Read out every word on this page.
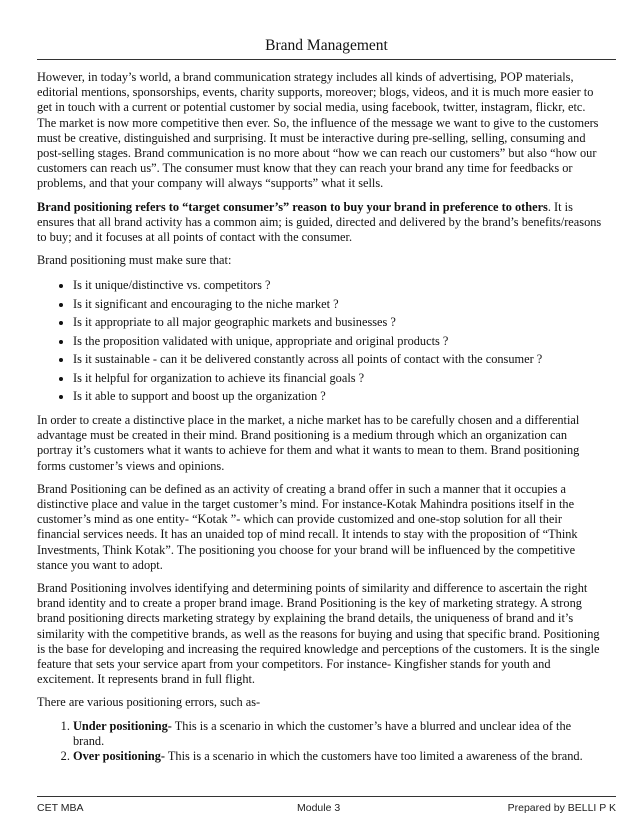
Brand Management

However, in today’s world, a brand communication strategy includes all kinds of advertising, POP materials, editorial mentions, sponsorships, events, charity supports, moreover; blogs, videos, and it is much more easier to get in touch with a current or potential customer by social media, using facebook, twitter, instagram, flickr, etc. The market is now more competitive then ever. So, the influence of the message we want to give to the customers must be creative, distinguished and surprising. It must be interactive during pre-selling, selling, consuming and post-selling stages. Brand communication is no more about “how we can reach our customers” but also “how our customers can reach us”. The consumer must know that they can reach your brand any time for feedbacks or problems, and that your company will always “supports” what it sells.

Brand positioning refers to “target consumer’s” reason to buy your brand in preference to others. It is ensures that all brand activity has a common aim; is guided, directed and delivered by the brand’s benefits/reasons to buy; and it focuses at all points of contact with the consumer.

Brand positioning must make sure that:

• Is it unique/distinctive vs. competitors ?
• Is it significant and encouraging to the niche market ?
• Is it appropriate to all major geographic markets and businesses ?
• Is the proposition validated with unique, appropriate and original products ?
• Is it sustainable - can it be delivered constantly across all points of contact with the consumer ?
• Is it helpful for organization to achieve its financial goals ?
• Is it able to support and boost up the organization ?

In order to create a distinctive place in the market, a niche market has to be carefully chosen and a differential advantage must be created in their mind. Brand positioning is a medium through which an organization can portray it’s customers what it wants to achieve for them and what it wants to mean to them. Brand positioning forms customer’s views and opinions.

Brand Positioning can be defined as an activity of creating a brand offer in such a manner that it occupies a distinctive place and value in the target customer’s mind. For instance-Kotak Mahindra positions itself in the customer’s mind as one entity- “Kotak ”- which can provide customized and one-stop solution for all their financial services needs. It has an unaided top of mind recall. It intends to stay with the proposition of “Think Investments, Think Kotak”. The positioning you choose for your brand will be influenced by the competitive stance you want to adopt.

Brand Positioning involves identifying and determining points of similarity and difference to ascertain the right brand identity and to create a proper brand image. Brand Positioning is the key of marketing strategy. A strong brand positioning directs marketing strategy by explaining the brand details, the uniqueness of brand and it’s similarity with the competitive brands, as well as the reasons for buying and using that specific brand. Positioning is the base for developing and increasing the required knowledge and perceptions of the customers. It is the single feature that sets your service apart from your competitors. For instance- Kingfisher stands for youth and excitement. It represents brand in full flight.

There are various positioning errors, such as-

1. Under positioning- This is a scenario in which the customer’s have a blurred and unclear idea of the brand.
2. Over positioning- This is a scenario in which the customers have too limited a awareness of the brand.
CET MBA	Module 3	Prepared by BELLI P K
